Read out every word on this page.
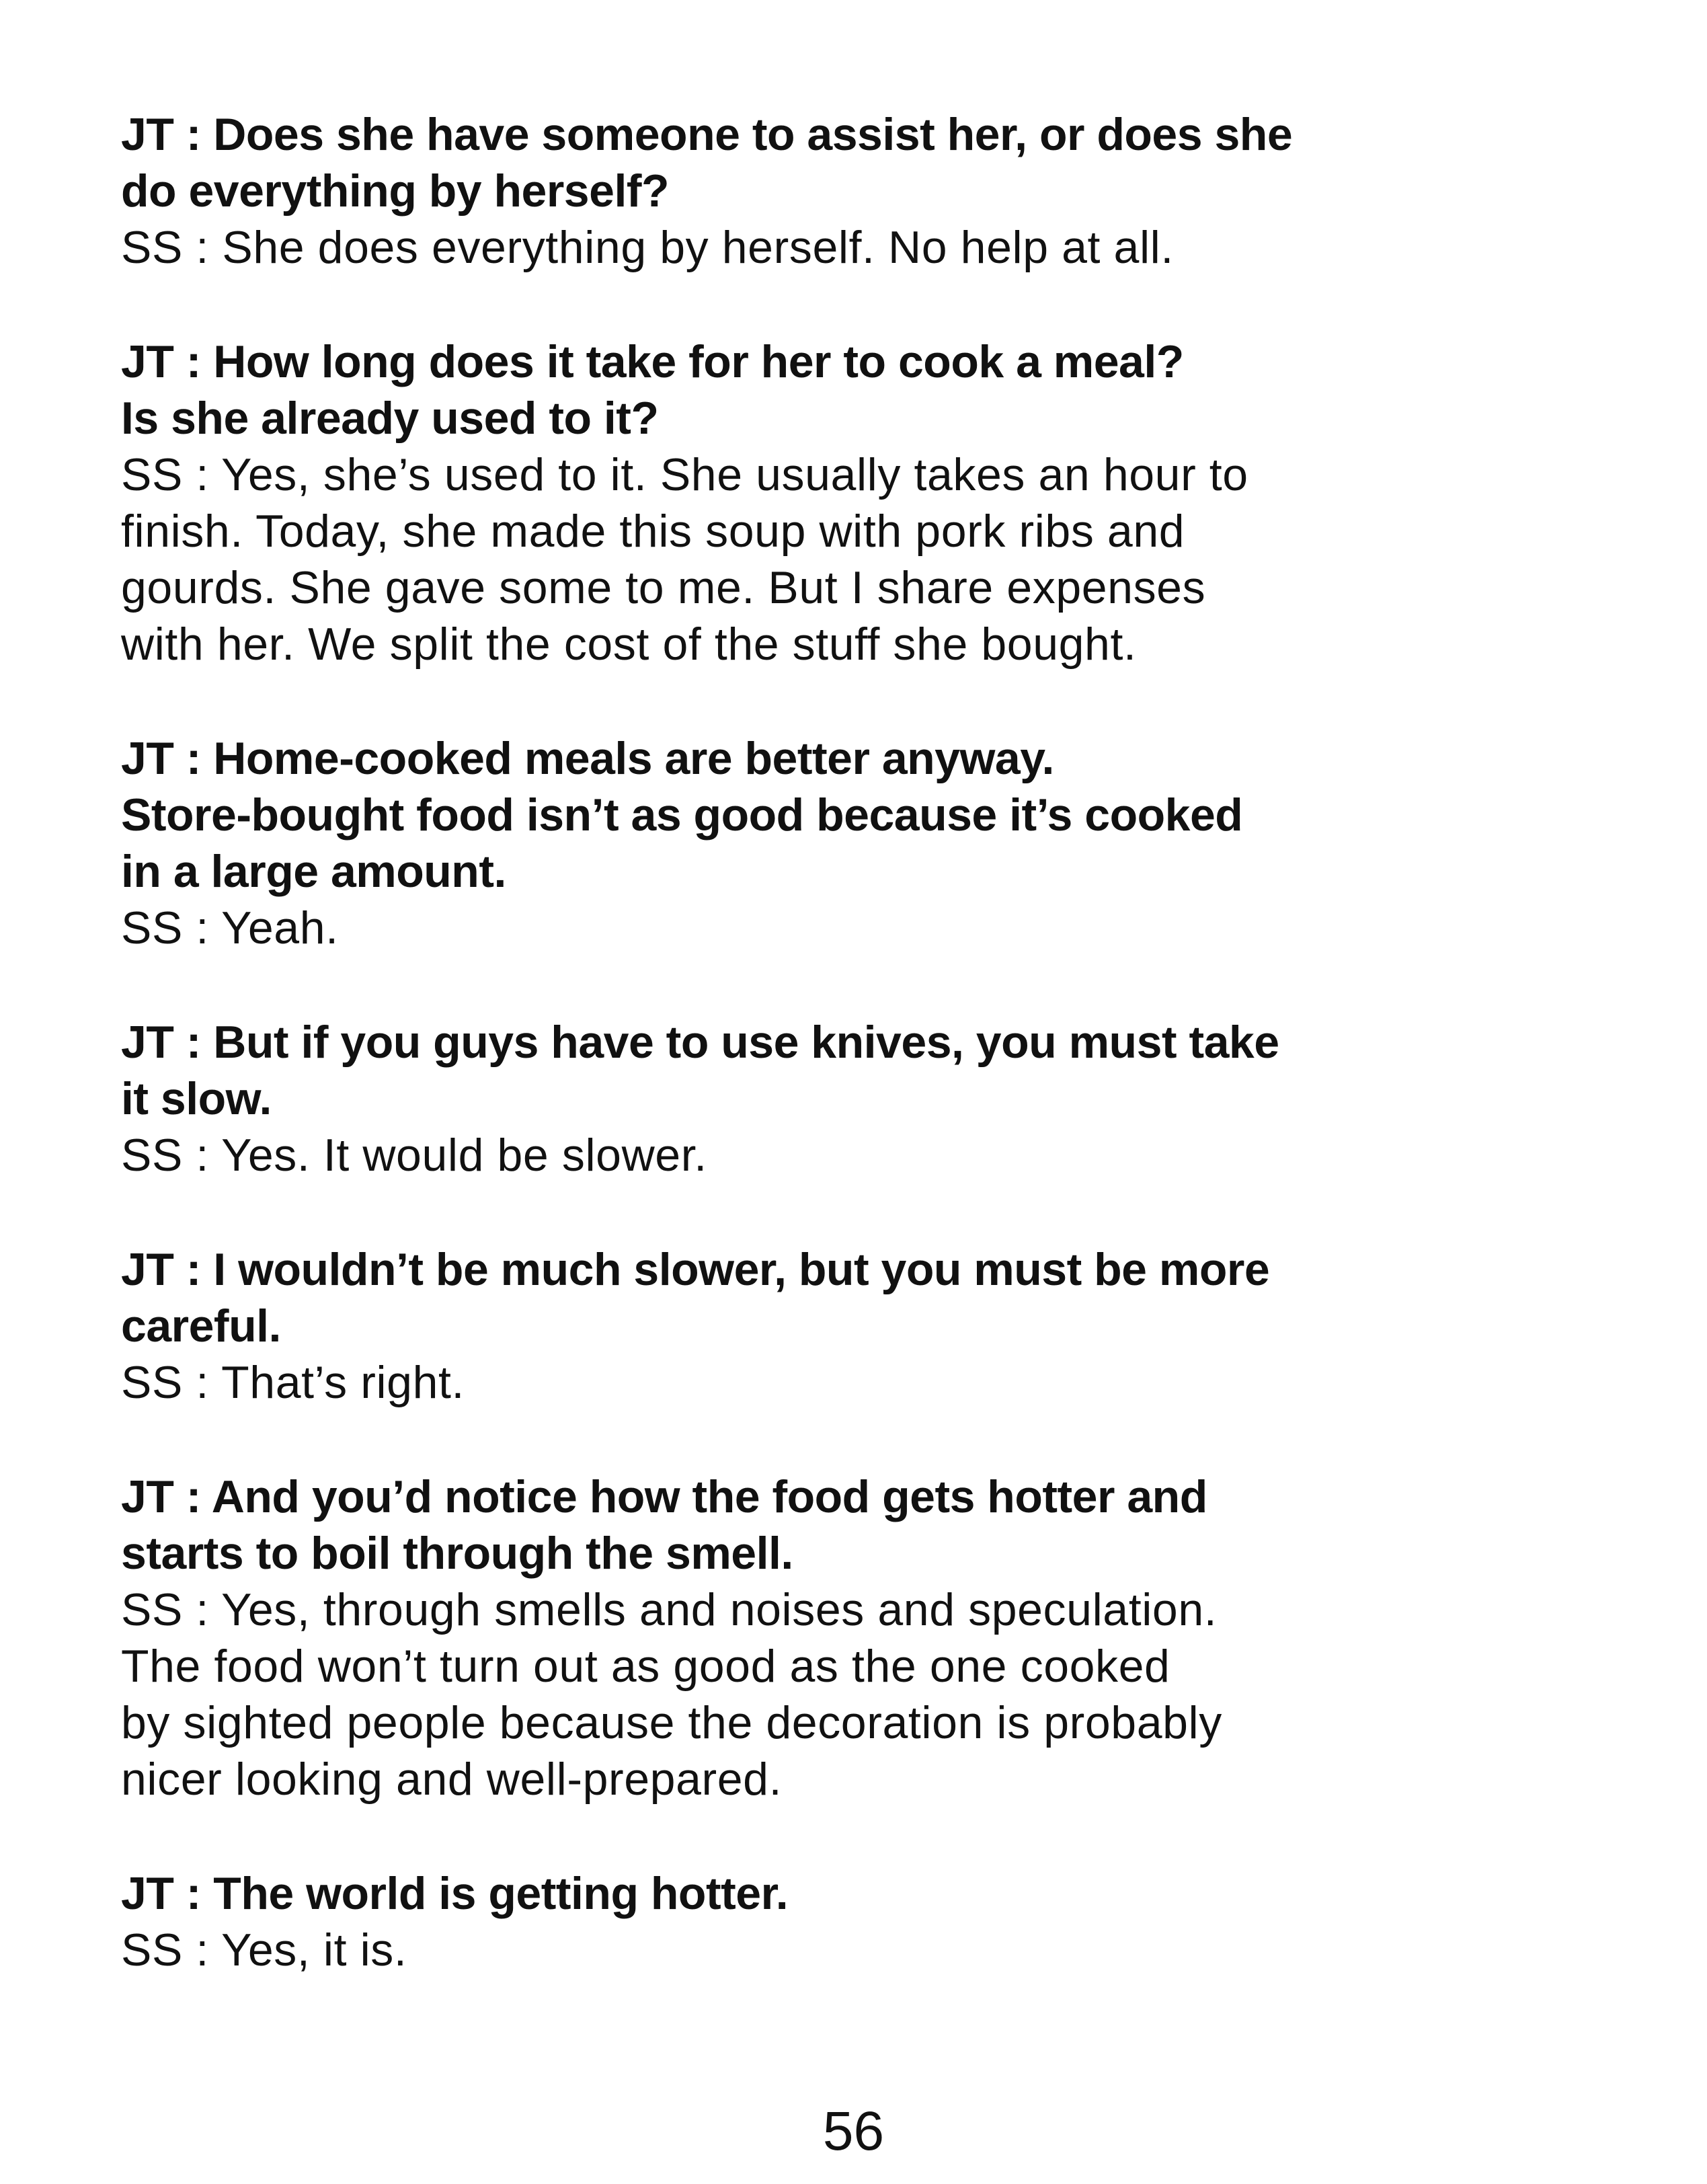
JT : Does she have someone to assist her, or does she

do everything by herself?

SS : She does everything by herself. No help at all.

JT : How long does it take for her to cook a meal?

Is she already used to it?

SS : Yes, she’s used to it. She usually takes an hour to

finish. Today, she made this soup with pork ribs and

gourds. She gave some to me. But I share expenses

with her. We split the cost of the stuff she bought.

JT : Home-cooked meals are better anyway.

Store-bought food isn’t as good because it’s cooked

in a large amount.

SS : Yeah.

JT : But if you guys have to use knives, you must take

it slow.

SS : Yes. It would be slower.

JT : I wouldn’t be much slower, but you must be more

careful.

SS : That’s right.

JT : And you’d notice how the food gets hotter and

starts to boil through the smell.

SS : Yes, through smells and noises and speculation.

The food won’t turn out as good as the one cooked

by sighted people because the decoration is probably

nicer looking and well-prepared.

JT : The world is getting hotter.

SS : Yes, it is.

56
